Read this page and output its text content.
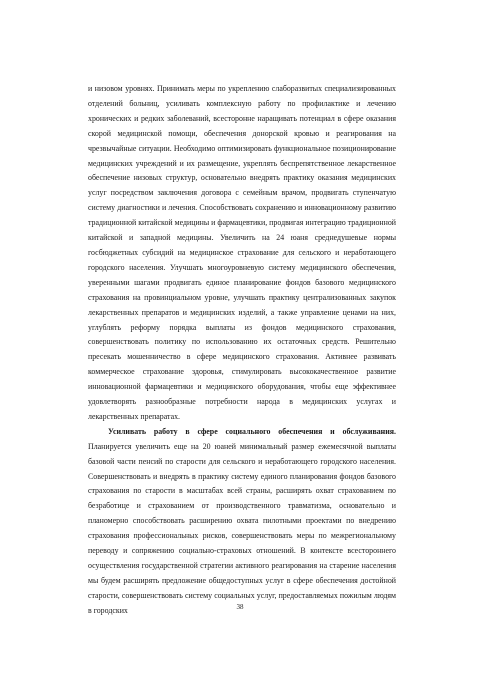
и низовом уровнях. Принимать меры по укреплению слаборазвитых специализированных отделений больниц, усиливать комплексную работу по профилактике и лечению хронических и редких заболеваний, всесторонне наращивать потенциал в сфере оказания скорой медицинской помощи, обеспечения донорской кровью и реагирования на чрезвычайные ситуации. Необходимо оптимизировать функциональное позиционирование медицинских учреждений и их размещение, укреплять беспрепятственное лекарственное обеспечение низовых структур, основательно внедрять практику оказания медицинских услуг посредством заключения договора с семейным врачом, продвигать ступенчатую систему диагностики и лечения. Способствовать сохранению и инновационному развитию традиционной китайской медицины и фармацевтики, продвигая интеграцию традиционной китайской и западной медицины. Увеличить на 24 юаня среднедушевые нормы госбюджетных субсидий на медицинское страхование для сельского и неработающего городского населения. Улучшать многоуровневую систему медицинского обеспечения, уверенными шагами продвигать единое планирование фондов базового медицинского страхования на провинциальном уровне, улучшать практику централизованных закупок лекарственных препаратов и медицинских изделий, а также управление ценами на них, углублять реформу порядка выплаты из фондов медицинского страхования, совершенствовать политику по использованию их остаточных средств. Решительно пресекать мошенничество в сфере медицинского страхования. Активнее развивать коммерческое страхование здоровья, стимулировать высококачественное развитие инновационной фармацевтики и медицинского оборудования, чтобы еще эффективнее удовлетворять разнообразные потребности народа в медицинских услугах и лекарственных препаратах.

Усиливать работу в сфере социального обеспечения и обслуживания. Планируется увеличить еще на 20 юаней минимальный размер ежемесячной выплаты базовой части пенсий по старости для сельского и неработающего городского населения. Совершенствовать и внедрять в практику систему единого планирования фондов базового страхования по старости в масштабах всей страны, расширять охват страхованием по безработице и страхованием от производственного травматизма, основательно и планомерно способствовать расширению охвата пилотными проектами по внедрению страхования профессиональных рисков, совершенствовать меры по межрегиональному переводу и сопряжению социально-страховых отношений. В контексте всестороннего осуществления государственной стратегии активного реагирования на старение населения мы будем расширять предложение общедоступных услуг в сфере обеспечения достойной старости, совершенствовать систему социальных услуг, предоставляемых пожилым людям в городских	38
